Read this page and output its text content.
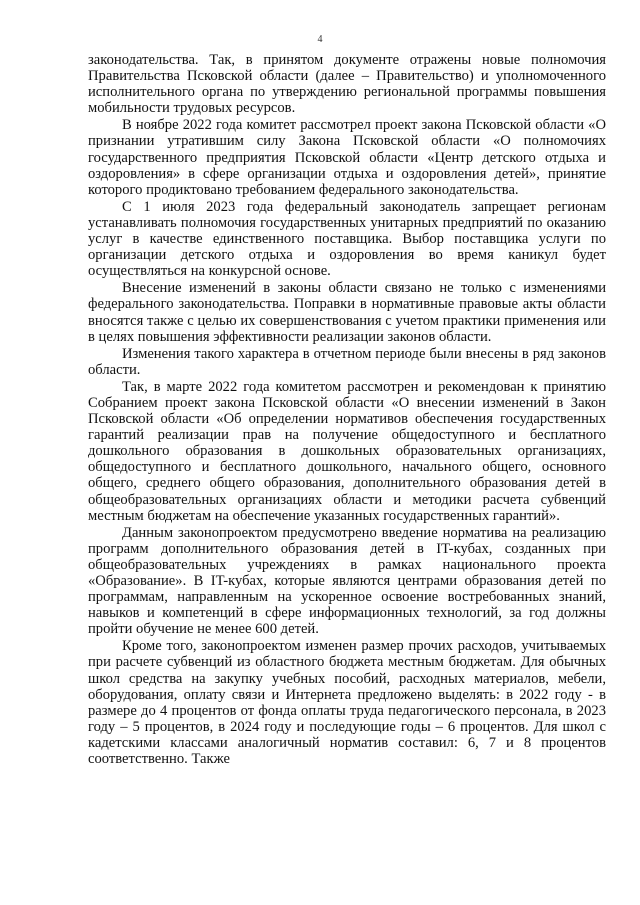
4

законодательства. Так, в принятом документе отражены новые полномочия Правительства Псковской области (далее – Правительство) и уполномоченного исполнительного органа по утверждению региональной программы повышения мобильности трудовых ресурсов.

В ноябре 2022 года комитет рассмотрел проект закона Псковской области «О признании утратившим силу Закона Псковской области «О полномочиях государственного предприятия Псковской области «Центр детского отдыха и оздоровления» в сфере организации отдыха и оздоровления детей», принятие которого продиктовано требованием федерального законодательства.

С 1 июля 2023 года федеральный законодатель запрещает регионам устанавливать полномочия государственных унитарных предприятий по оказанию услуг в качестве единственного поставщика. Выбор поставщика услуги по организации детского отдыха и оздоровления во время каникул будет осуществляться на конкурсной основе.

Внесение изменений в законы области связано не только с изменениями федерального законодательства. Поправки в нормативные правовые акты области вносятся также с целью их совершенствования с учетом практики применения или в целях повышения эффективности реализации законов области.

Изменения такого характера в отчетном периоде были внесены в ряд законов области.

Так, в марте 2022 года комитетом рассмотрен и рекомендован к принятию Собранием проект закона Псковской области «О внесении изменений в Закон Псковской области «Об определении нормативов обеспечения государственных гарантий реализации прав на получение общедоступного и бесплатного дошкольного образования в дошкольных образовательных организациях, общедоступного и бесплатного дошкольного, начального общего, основного общего, среднего общего образования, дополнительного образования детей в общеобразовательных организациях области и методики расчета субвенций местным бюджетам на обеспечение указанных государственных гарантий».

Данным законопроектом предусмотрено введение норматива на реализацию программ дополнительного образования детей в IT-кубах, созданных при общеобразовательных учреждениях в рамках национального проекта «Образование». В IT-кубах, которые являются центрами образования детей по программам, направленным на ускоренное освоение востребованных знаний, навыков и компетенций в сфере информационных технологий, за год должны пройти обучение не менее 600 детей.

Кроме того, законопроектом изменен размер прочих расходов, учитываемых при расчете субвенций из областного бюджета местным бюджетам. Для обычных школ средства на закупку учебных пособий, расходных материалов, мебели, оборудования, оплату связи и Интернета предложено выделять: в 2022 году - в размере до 4 процентов от фонда оплаты труда педагогического персонала, в 2023 году – 5 процентов, в 2024 году и последующие годы – 6 процентов. Для школ с кадетскими классами аналогичный норматив составил: 6, 7 и 8 процентов соответственно. Также
